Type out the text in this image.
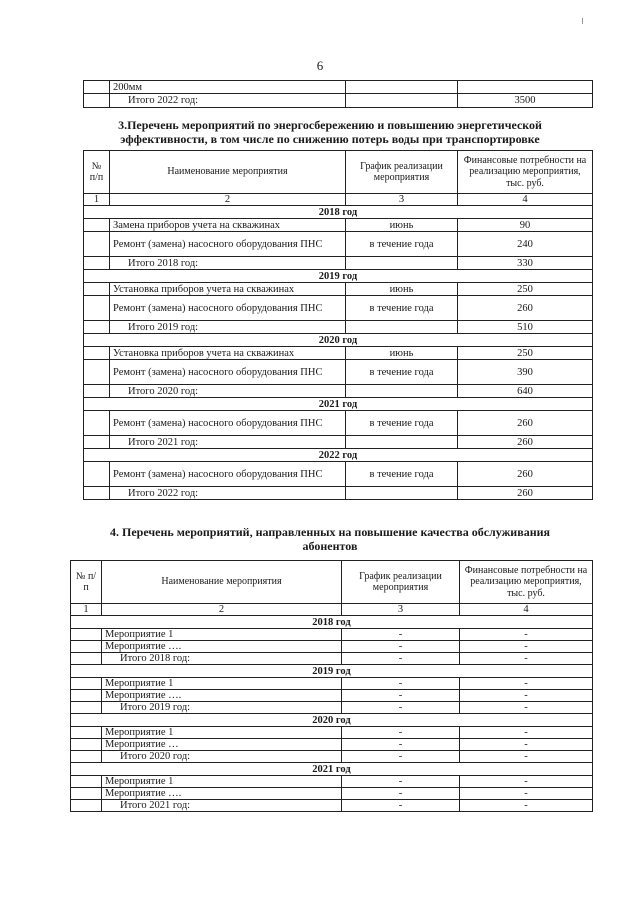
6
	200мм		
	Итого 2022 год:		3500
3.Перечень мероприятий по энергосбережению и повышению энергетической
эффективности, в том числе по снижению потерь воды при транспортировке
№ п/п	Наименование мероприятия	График реализации мероприятия	Финансовые потребности на реализацию мероприятия, тыс. руб.
1	2	3	4
2018 год			
	Замена приборов учета на скважинах	июнь	90
	Ремонт (замена) насосного оборудования ПНС	в течение года	240
	Итого 2018 год:		330
2019 год			
	Установка приборов учета на скважинах	июнь	250
	Ремонт (замена) насосного оборудования ПНС	в течение года	260
	Итого 2019 год:		510
2020 год			
	Установка приборов учета на скважинах	июнь	250
	Ремонт (замена) насосного оборудования ПНС	в течение года	390
	Итого 2020 год:		640
2021 год			
	Ремонт (замена) насосного оборудования ПНС	в течение года	260
	Итого 2021 год:		260
2022 год			
	Ремонт (замена) насосного оборудования ПНС	в течение года	260
	Итого 2022 год:		260
4. Перечень мероприятий, направленных на повышение качества обслуживания
абонентов
№ п/п	Наименование мероприятия	График реализации мероприятия	Финансовые потребности на реализацию мероприятия, тыс. руб.
1	2	3	4
2018 год			
	Мероприятие 1	-	-
	Мероприятие ….	-	-
	Итого 2018 год:	-	-
2019 год			
	Мероприятие 1	-	-
	Мероприятие ….	-	-
	Итого 2019 год:	-	-
2020 год			
	Мероприятие 1	-	-
	Мероприятие …	-	-
	Итого 2020 год:	-	-
2021 год			
	Мероприятие 1	-	-
	Мероприятие ….	-	-
	Итого 2021 год:	-	-
